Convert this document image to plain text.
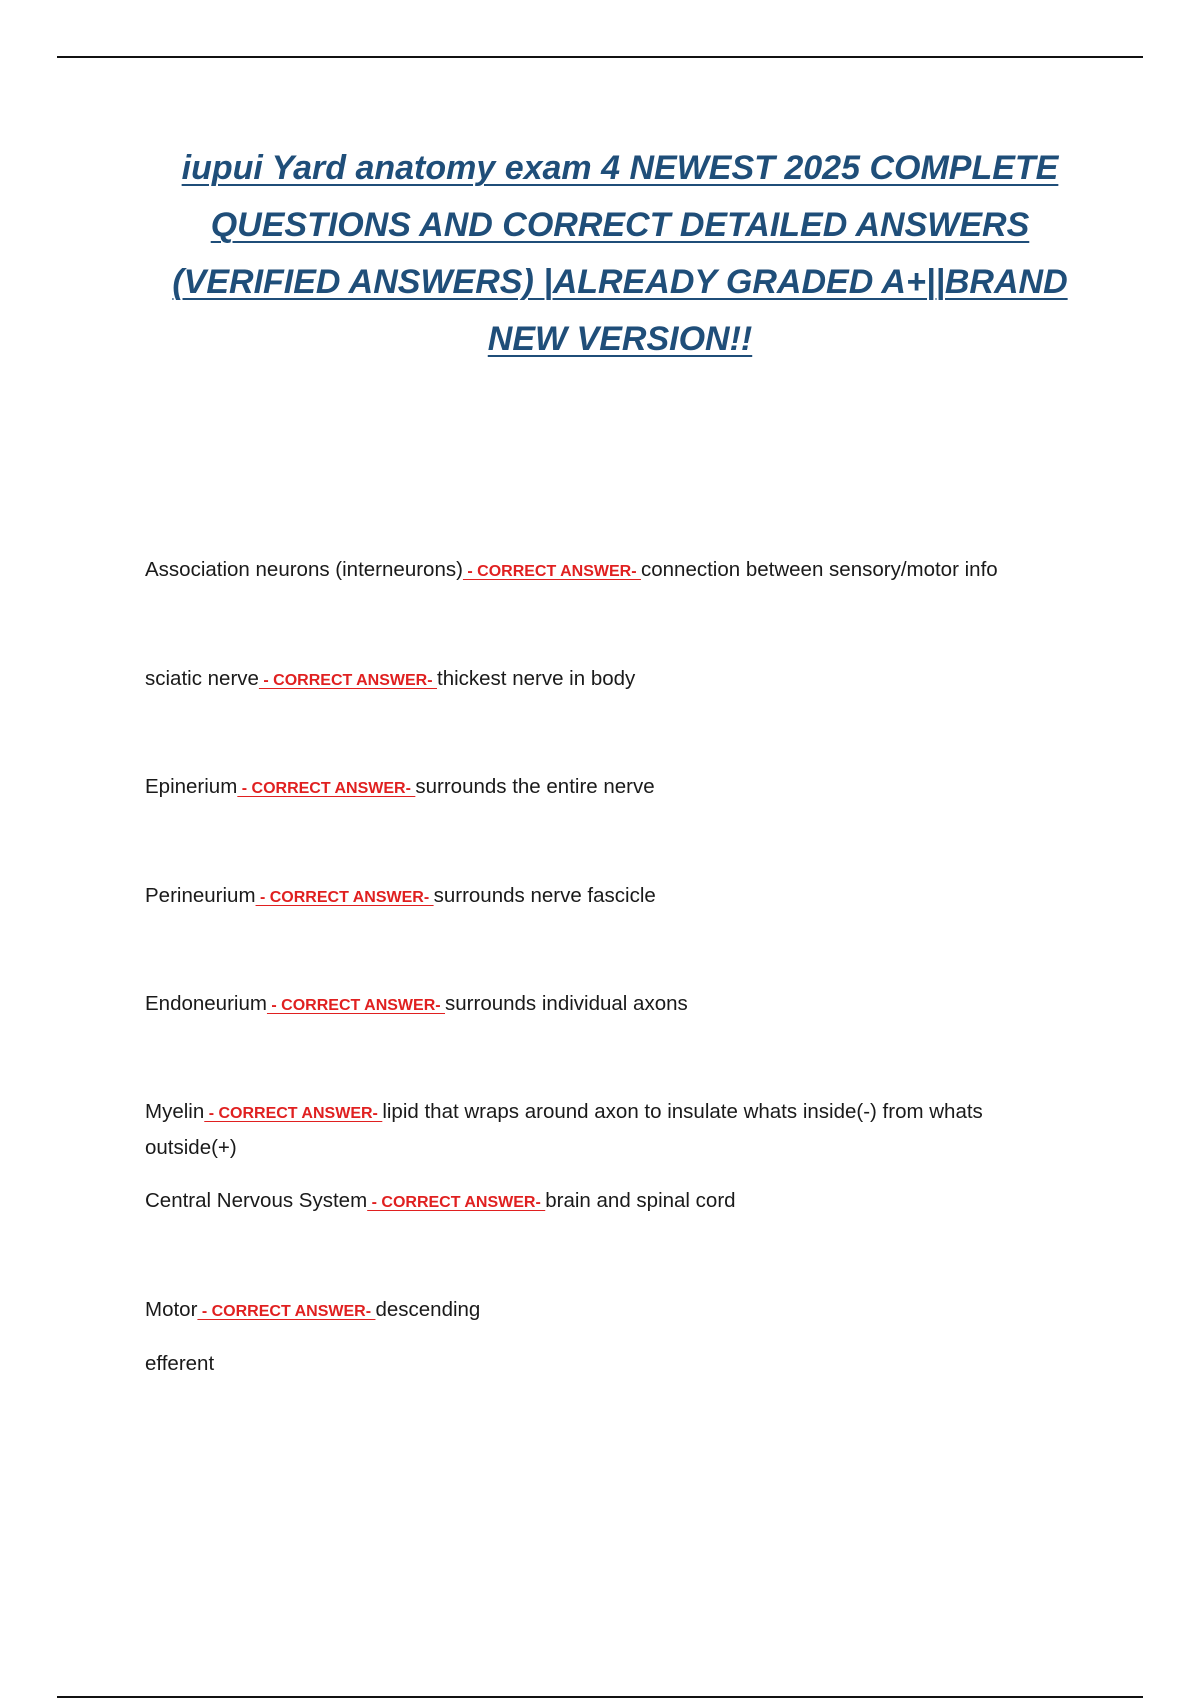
iupui Yard anatomy exam 4 NEWEST 2025 COMPLETE QUESTIONS AND CORRECT DETAILED ANSWERS (VERIFIED ANSWERS) |ALREADY GRADED A+||BRAND NEW VERSION!!
Association neurons (interneurons) - CORRECT ANSWER- connection between sensory/motor info
sciatic nerve - CORRECT ANSWER- thickest nerve in body
Epinerium - CORRECT ANSWER- surrounds the entire nerve
Perineurium - CORRECT ANSWER- surrounds nerve fascicle
Endoneurium - CORRECT ANSWER- surrounds individual axons
Myelin - CORRECT ANSWER- lipid that wraps around axon to insulate whats inside(-) from whats outside(+)
Central Nervous System - CORRECT ANSWER- brain and spinal cord
Motor - CORRECT ANSWER- descending
efferent
